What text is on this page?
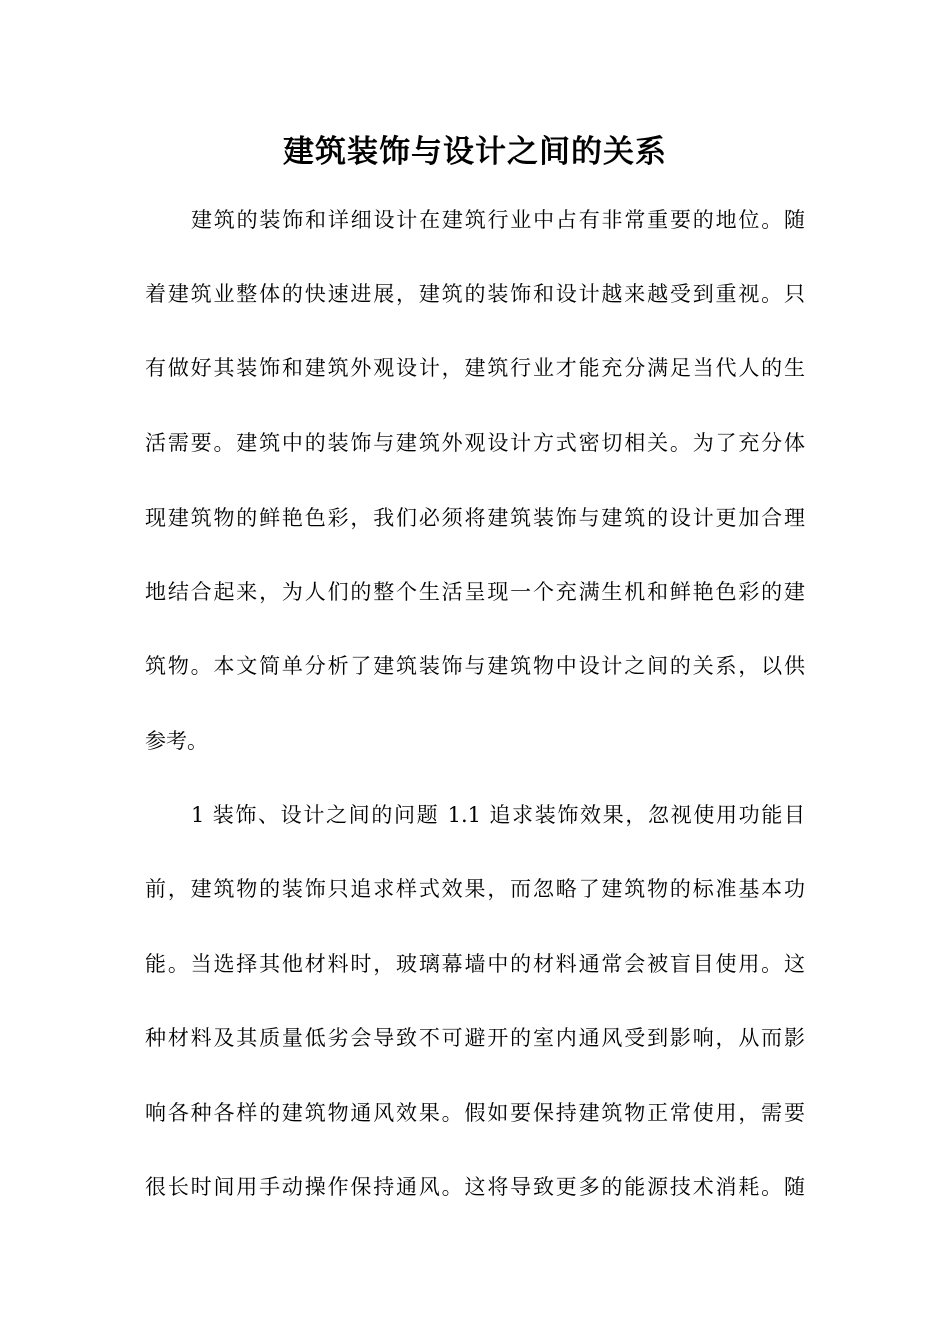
建筑装饰与设计之间的关系
建筑的装饰和详细设计在建筑行业中占有非常重要的地位。随
着建筑业整体的快速进展，建筑的装饰和设计越来越受到重视。只
有做好其装饰和建筑外观设计，建筑行业才能充分满足当代人的生
活需要。建筑中的装饰与建筑外观设计方式密切相关。为了充分体
现建筑物的鲜艳色彩，我们必须将建筑装饰与建筑的设计更加合理
地结合起来，为人们的整个生活呈现一个充满生机和鲜艳色彩的建
筑物。本文简单分析了建筑装饰与建筑物中设计之间的关系，以供
参考。
1 装饰、设计之间的问题 1.1 追求装饰效果，忽视使用功能目
前，建筑物的装饰只追求样式效果，而忽略了建筑物的标准基本功
能。当选择其他材料时，玻璃幕墙中的材料通常会被盲目使用。这
种材料及其质量低劣会导致不可避开的室内通风受到影响，从而影
响各种各样的建筑物通风效果。假如要保持建筑物正常使用，需要
很长时间用手动操作保持通风。这将导致更多的能源技术消耗。随
